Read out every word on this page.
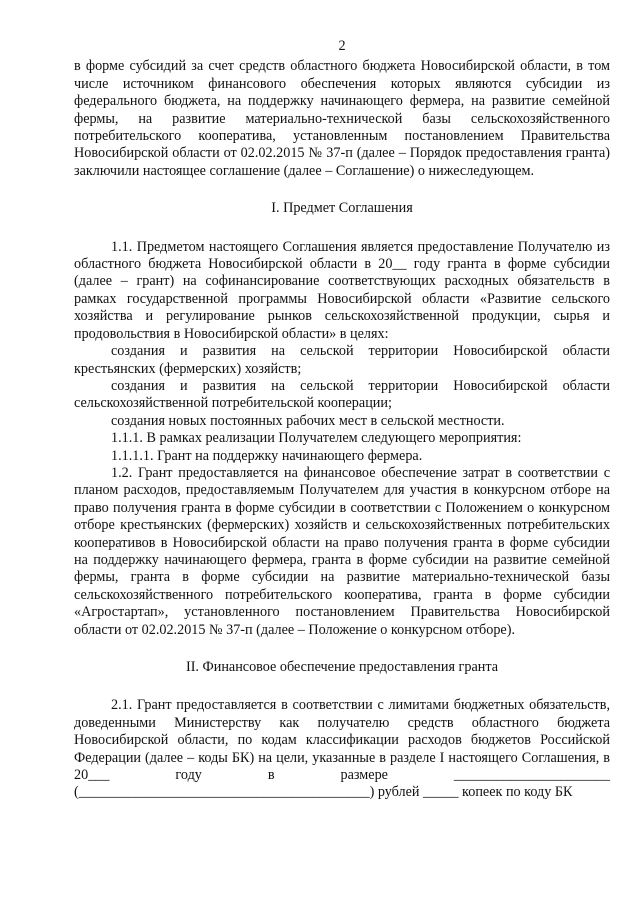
2

в форме субсидий за счет средств областного бюджета Новосибирской области, в том числе источником финансового обеспечения которых являются субсидии из федерального бюджета, на поддержку начинающего фермера, на развитие семейной фермы, на развитие материально-технической базы сельскохозяйственного потребительского кооператива, установленным постановлением Правительства Новосибирской области от 02.02.2015 № 37-п (далее – Порядок предоставления гранта) заключили настоящее соглашение (далее – Соглашение) о нижеследующем.

I. Предмет Соглашения

1.1. Предметом настоящего Соглашения является предоставление Получателю из областного бюджета Новосибирской области в 20__ году гранта в форме субсидии (далее – грант) на софинансирование соответствующих расходных обязательств в рамках государственной программы Новосибирской области «Развитие сельского хозяйства и регулирование рынков сельскохозяйственной продукции, сырья и продовольствия в Новосибирской области» в целях:

создания и развития на сельской территории Новосибирской области крестьянских (фермерских) хозяйств;

создания и развития на сельской территории Новосибирской области сельскохозяйственной потребительской кооперации;

создания новых постоянных рабочих мест в сельской местности.

1.1.1. В рамках реализации Получателем следующего мероприятия:

1.1.1.1. Грант на поддержку начинающего фермера.

1.2. Грант предоставляется на финансовое обеспечение затрат в соответствии с планом расходов, предоставляемым Получателем для участия в конкурсном отборе на право получения гранта в форме субсидии в соответствии с Положением о конкурсном отборе крестьянских (фермерских) хозяйств и сельскохозяйственных потребительских кооперативов в Новосибирской области на право получения гранта в форме субсидии на поддержку начинающего фермера, гранта в форме субсидии на развитие семейной фермы, гранта в форме субсидии на развитие материально-технической базы сельскохозяйственного потребительского кооператива, гранта в форме субсидии «Агростартап», установленного постановлением Правительства Новосибирской области от 02.02.2015 № 37-п (далее – Положение о конкурсном отборе).

II. Финансовое обеспечение предоставления гранта

2.1. Грант предоставляется в соответствии с лимитами бюджетных обязательств, доведенными Министерству как получателю средств областного бюджета Новосибирской области, по кодам классификации расходов бюджетов Российской Федерации (далее – коды БК) на цели, указанные в разделе I настоящего Соглашения, в 20___ году в размере ______________________ (_________________________________________) рублей _____ копеек по коду БК
